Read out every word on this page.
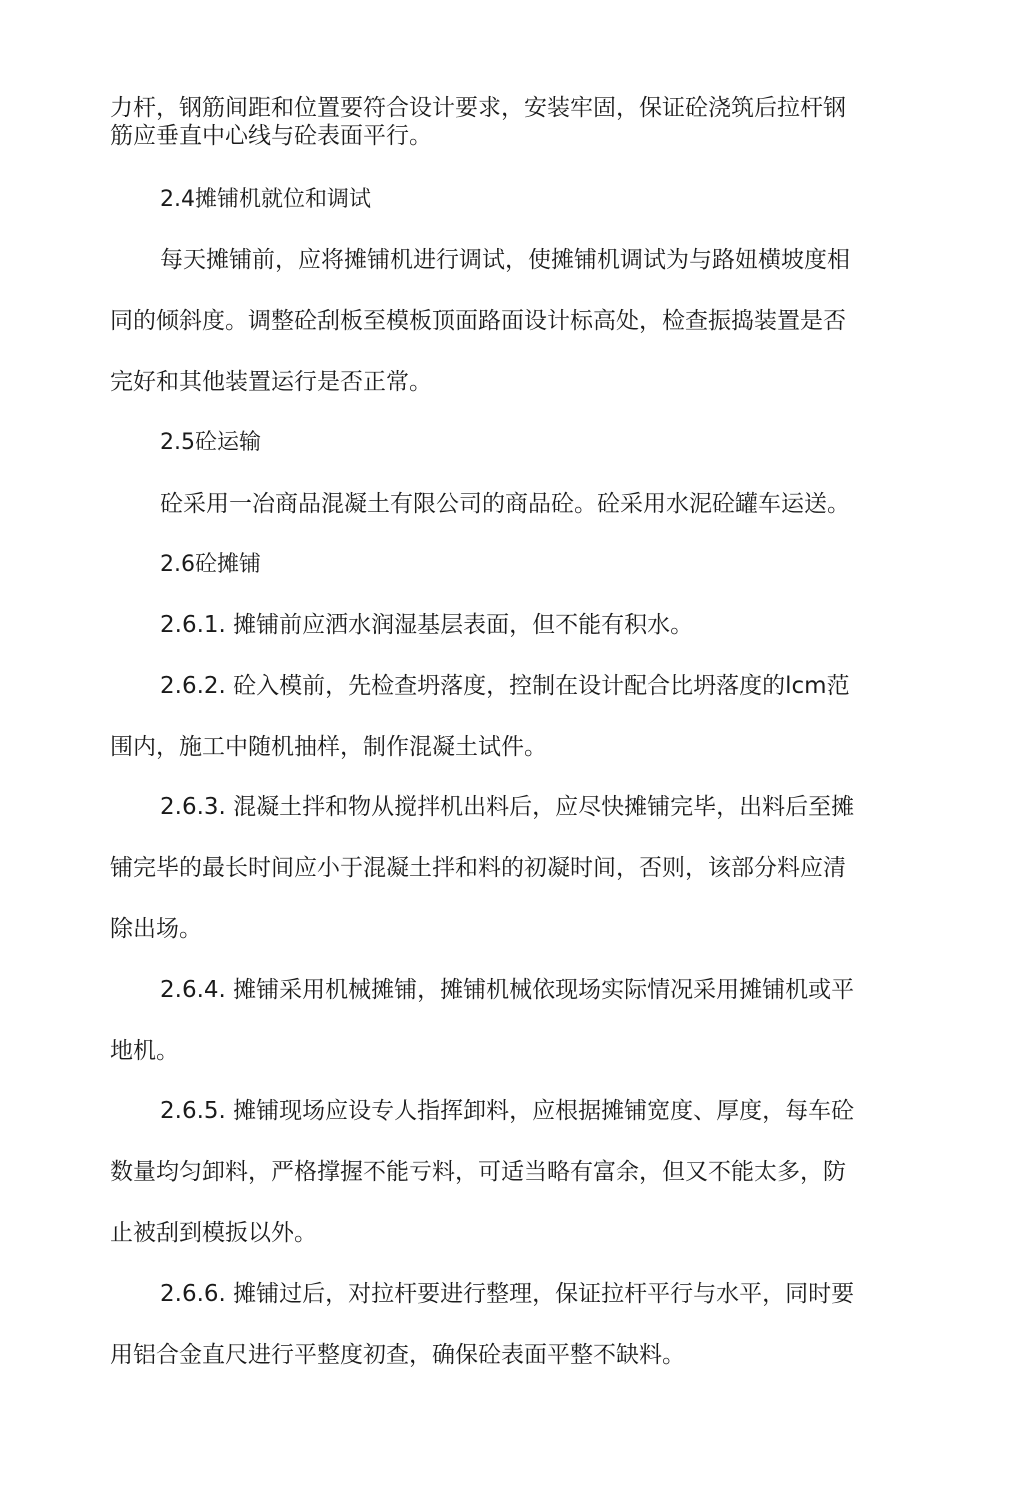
力杆，钢筋间距和位置要符合设计要求，安装牢固，保证砼浇筑后拉杆钢
筋应垂直中心线与砼表面平行。
2.4摊铺机就位和调试
每天摊铺前，应将摊铺机进行调试，使摊铺机调试为与路妞横坡度相
同的倾斜度。调整砼刮板至模板顶面路面设计标高处，检查振捣装置是否
完好和其他装置运行是否正常。
2.5砼运输
砼采用一冶商品混凝土有限公司的商品砼。砼采用水泥砼罐车运送。
2.6砼摊铺
2.6.1. 摊铺前应洒水润湿基层表面，但不能有积水。
2.6.2. 砼入模前，先检查坍落度，控制在设计配合比坍落度的lcm范
围内，施工中随机抽样，制作混凝土试件。
2.6.3. 混凝土拌和物从搅拌机出料后，应尽快摊铺完毕，出料后至摊
铺完毕的最长时间应小于混凝土拌和料的初凝时间，否则，该部分料应清
除出场。
2.6.4. 摊铺采用机械摊铺，摊铺机械依现场实际情况采用摊铺机或平
地机。
2.6.5. 摊铺现场应设专人指挥卸料，应根据摊铺宽度、厚度，每车砼
数量均匀卸料，严格撑握不能亏料，可适当略有富余，但又不能太多，防
止被刮到模扳以外。
2.6.6. 摊铺过后，对拉杆要进行整理，保证拉杆平行与水平，同时要
用铝合金直尺进行平整度初查，确保砼表面平整不缺料。
